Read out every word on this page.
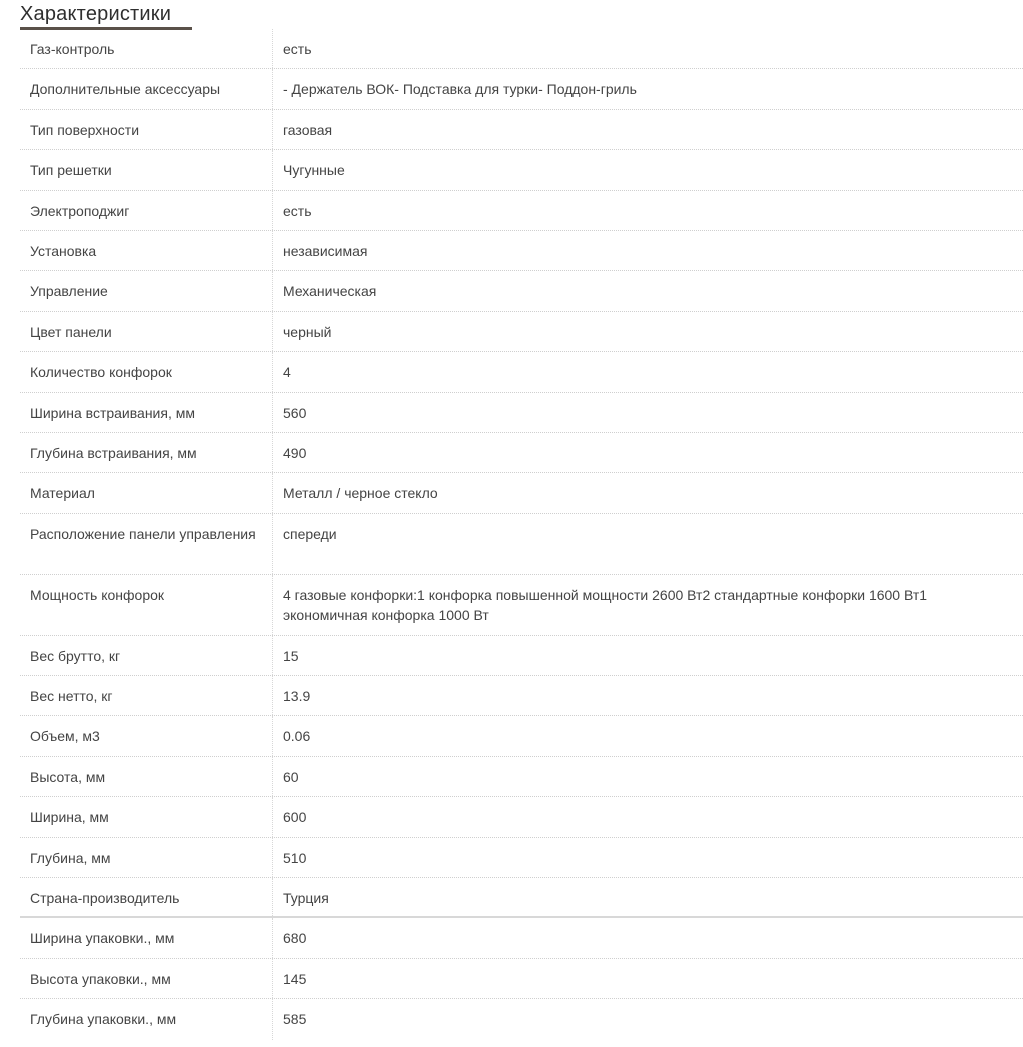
Характеристики
Газ-контроль	есть
Дополнительные аксессуары	- Держатель ВОК- Подставка для турки- Поддон-гриль
Тип поверхности	газовая
Тип решетки	Чугунные
Электроподжиг	есть
Установка	независимая
Управление	Механическая
Цвет панели	черный
Количество конфорок	4
Ширина встраивания, мм	560
Глубина встраивания, мм	490
Материал	Металл / черное стекло
Расположение панели управления	спереди
Мощность конфорок	4 газовые конфорки:1 конфорка повышенной мощности 2600 Вт2 стандартные конфорки 1600 Вт1 экономичная конфорка 1000 Вт
Вес брутто, кг	15
Вес нетто, кг	13.9
Объем, м3	0.06
Высота, мм	60
Ширина, мм	600
Глубина, мм	510
Страна-производитель	Турция
Ширина упаковки., мм	680
Высота упаковки., мм	145
Глубина упаковки., мм	585
